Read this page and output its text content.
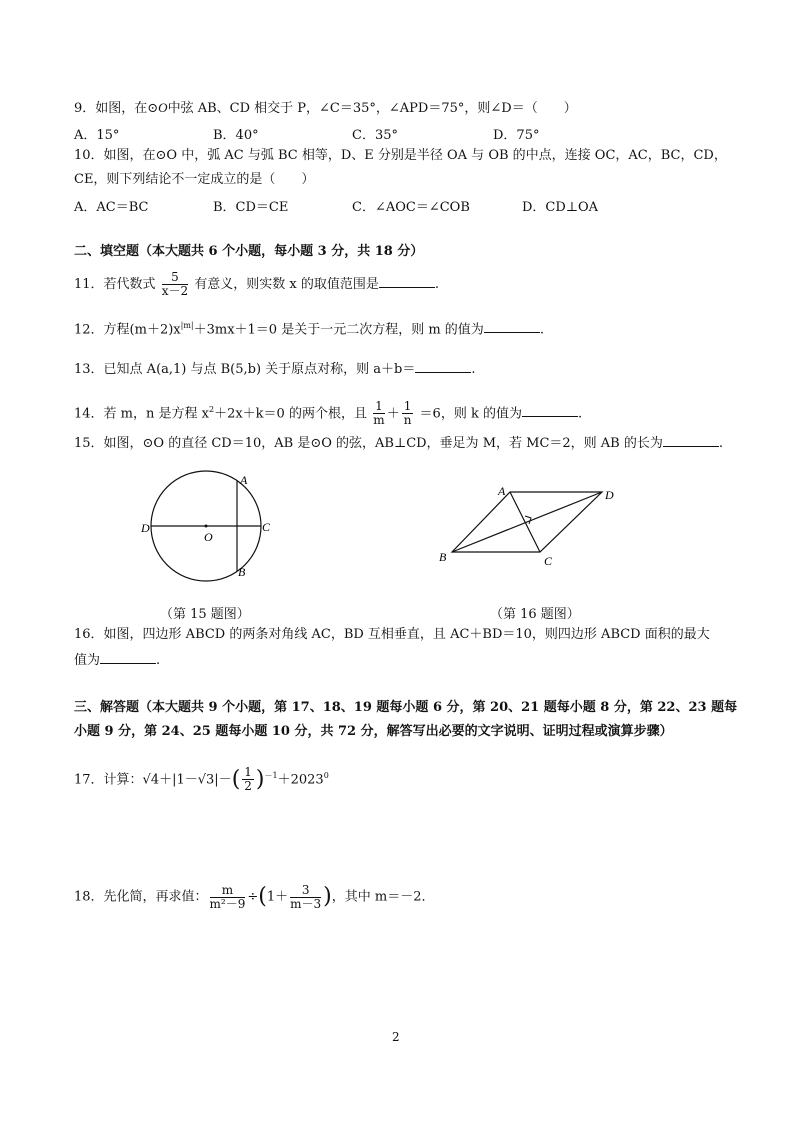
9．如图，在⊙O中弦 AB、CD 相交于 P，∠C＝35°，∠APD＝75°，则∠D＝（　　）
A．15°	B．40°	C．35°	D．75°
10．如图，在⊙O 中，弧 AC 与弧 BC 相等，D、E 分别是半径 OA 与 OB 的中点，连接 OC，AC，BC，CD，
CE，则下列结论不一定成立的是（　　）
A．AC＝BC	B．CD＝CE	C．∠AOC＝∠COB	D．CD⊥OA
二、填空题（本大题共 6 个小题，每小题 3 分，共 18 分）
11．若代数式 $\frac{5}{x-2}$ 有意义，则实数 x 的取值范围是	.
12．方程$(m+2)x^{|m|}+3mx+1=0$ 是关于一元二次方程，则 m 的值为	.
13．已知点 A(a,1) 与点 B(5,b) 关于原点对称，则 a＋b＝	.
14．若 m，n 是方程 $x^2+2x+k=0$ 的两个根，且 $\frac{1}{m} + \frac{1}{n} =6$，则 k 的值为	.
15．如图，⊙O 的直径 CD＝10，AB 是⊙O 的弦，AB⊥CD，垂足为 M，若 MC＝2，则 AB 的长为	.
A
B
C
D
O
（第 15 题图）
A
B	C
D
（第 16 题图）
16．如图，四边形 ABCD 的两条对角线 AC，BD 互相垂直，且 AC＋BD＝10，则四边形 ABCD 面积的最大
值为	.
三、解答题（本大题共 9 个小题，第 17、18、19 题每小题 6 分，第 20、21 题每小题 8 分，第 22、23 题每
小题 9 分，第 24、25 题每小题 10 分，共 72 分，解答写出必要的文字说明、证明过程或演算步骤）
17．计算：$√4+|1-√3|-( \frac{1}{2} )^{-1}+2023^0$
18．先化简，再求值： $\frac{m}{\text{m²－9}} \div(1+ \frac{3}{m-3}$ )，其中 m＝－2．
2
